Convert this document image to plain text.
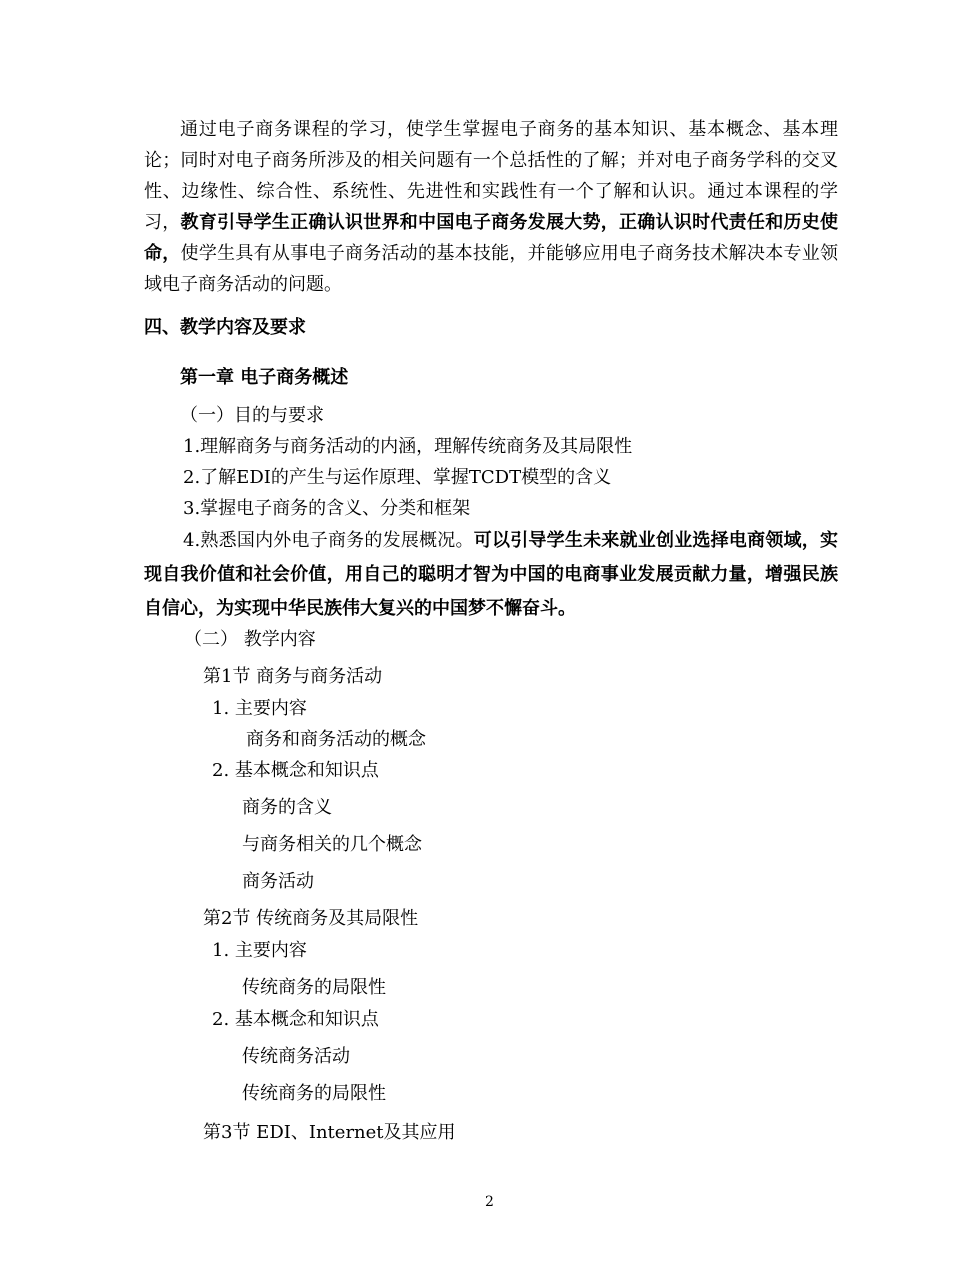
通过电子商务课程的学习，使学生掌握电子商务的基本知识、基本概念、基本理论；同时对电子商务所涉及的相关问题有一个总括性的了解；并对电子商务学科的交叉性、边缘性、综合性、系统性、先进性和实践性有一个了解和认识。通过本课程的学习，教育引导学生正确认识世界和中国电子商务发展大势，正确认识时代责任和历史使命，使学生具有从事电子商务活动的基本技能，并能够应用电子商务技术解决本专业领域电子商务活动的问题。

四、教学内容及要求
第一章 电子商务概述
（一）目的与要求
1.理解商务与商务活动的内涵，理解传统商务及其局限性
2.了解EDI的产生与运作原理、掌握TCDT模型的含义
3.掌握电子商务的含义、分类和框架

4.熟悉国内外电子商务的发展概况。可以引导学生未来就业创业选择电商领域，实现自我价值和社会价值，用自己的聪明才智为中国的电商事业发展贡献力量，增强民族自信心，为实现中华民族伟大复兴的中国梦不懈奋斗。

（二） 教学内容
第1节 商务与商务活动
1. 主要内容
商务和商务活动的概念
2. 基本概念和知识点
商务的含义
与商务相关的几个概念
商务活动
第2节 传统商务及其局限性
1. 主要内容
传统商务的局限性
2. 基本概念和知识点
传统商务活动
传统商务的局限性
第3节 EDI、Internet及其应用
2
